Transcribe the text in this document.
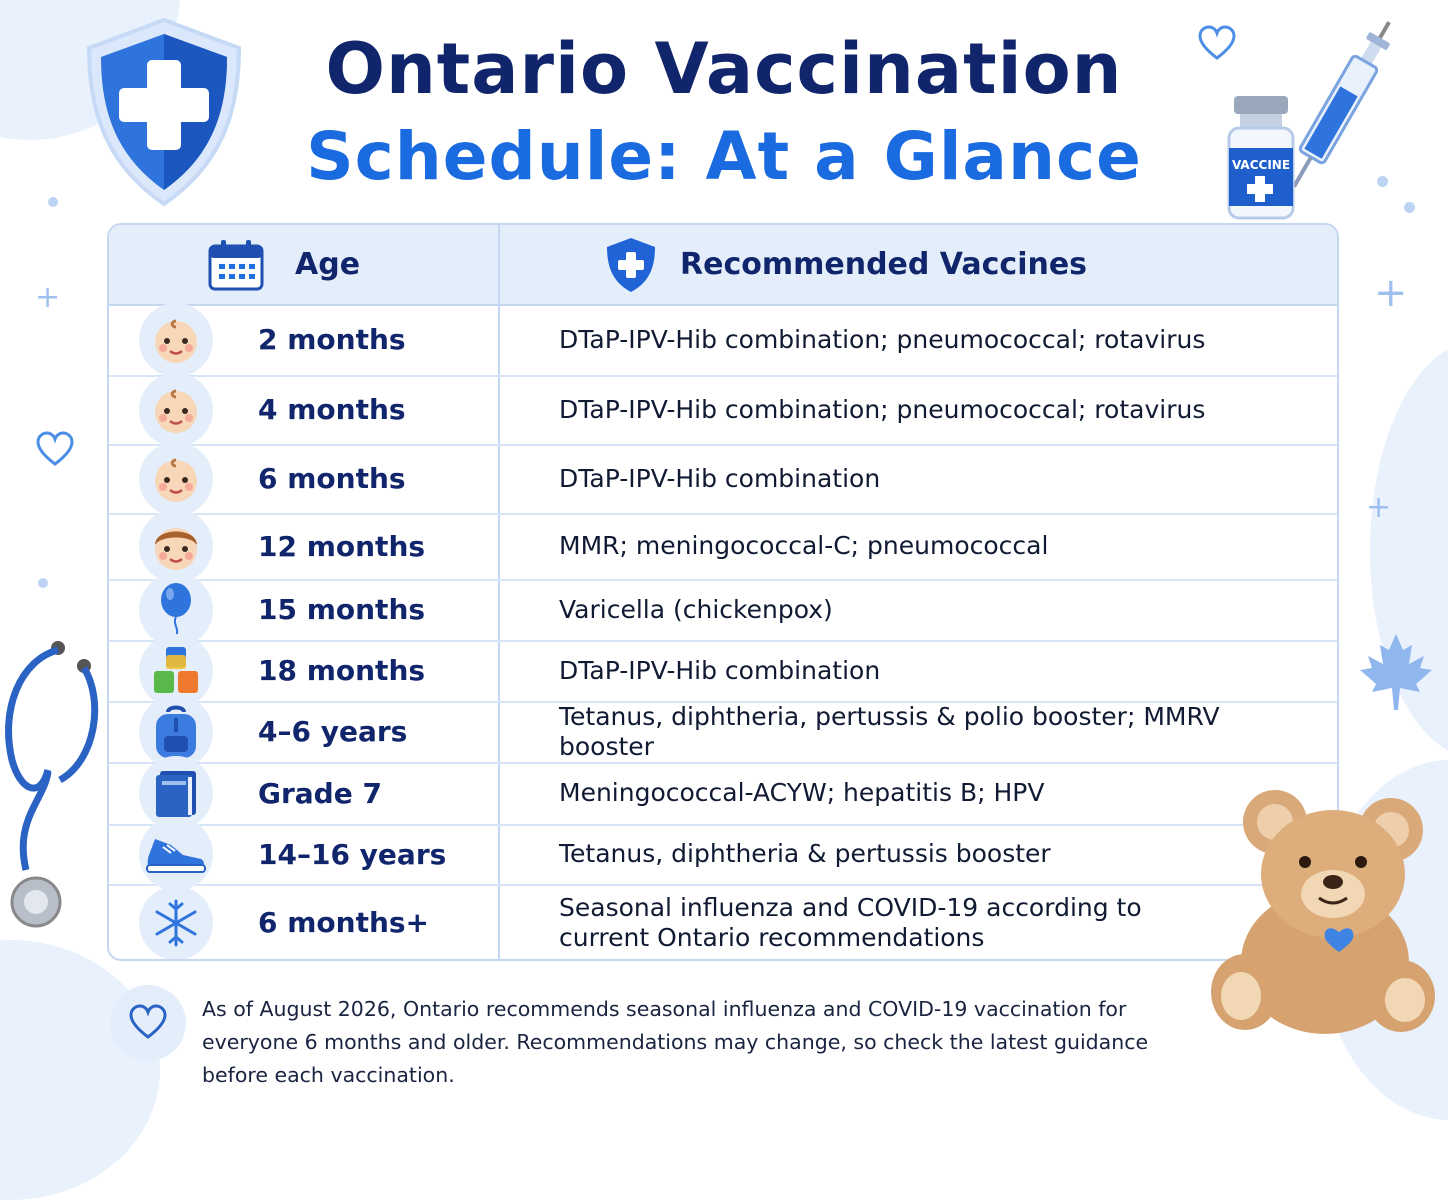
+	+
+
Ontario Vaccination
Schedule: At a Glance	VACCINE
Age	Recommended Vaccines
2 months	DTaP-IPV-Hib combination; pneumococcal; rotavirus
4 months	DTaP-IPV-Hib combination; pneumococcal; rotavirus
6 months	DTaP-IPV-Hib combination
12 months	MMR; meningococcal-C; pneumococcal
15 months	Varicella (chickenpox)
18 months	DTaP-IPV-Hib combination
4–6 years	Tetanus, diphtheria, pertussis & polio booster; MMRV booster
Grade 7	Meningococcal-ACYW; hepatitis B; HPV
14–16 years	Tetanus, diphtheria & pertussis booster
6 months+	Seasonal influenza and COVID-19 according to current Ontario recommendations
As of August 2026, Ontario recommends seasonal influenza and COVID-19 vaccination for everyone 6 months and older. Recommendations may change, so check the latest guidance before each vaccination.
